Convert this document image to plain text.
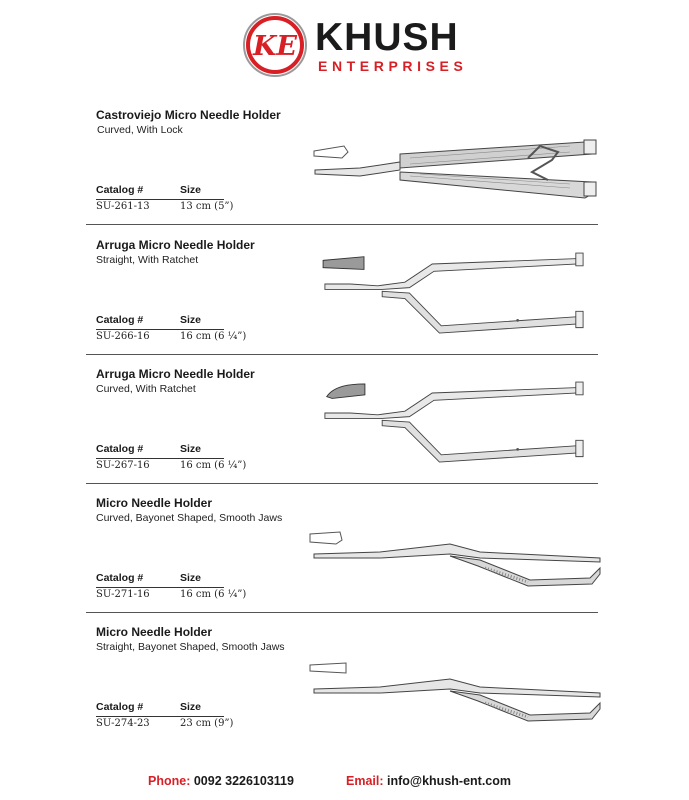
KE KHUSH
ENTERPRISES
Castroviejo Micro Needle Holder
Curved, With Lock
Catalog #	Size
SU-261-13	13 cm (5”)
Arruga Micro Needle Holder
Straight, With Ratchet
Catalog #	Size
SU-266-16	16 cm (6 ¼”)
Arruga Micro Needle Holder
Curved, With Ratchet
Catalog #	Size
SU-267-16	16 cm (6 ¼”)
Micro Needle Holder
Curved, Bayonet Shaped, Smooth Jaws
Catalog #	Size
SU-271-16	16 cm (6 ¼”)
Micro Needle Holder
Straight, Bayonet Shaped, Smooth Jaws
Catalog #	Size
SU-274-23	23 cm (9”)
Phone: 0092 3226103119	Email: info@khush-ent.com
